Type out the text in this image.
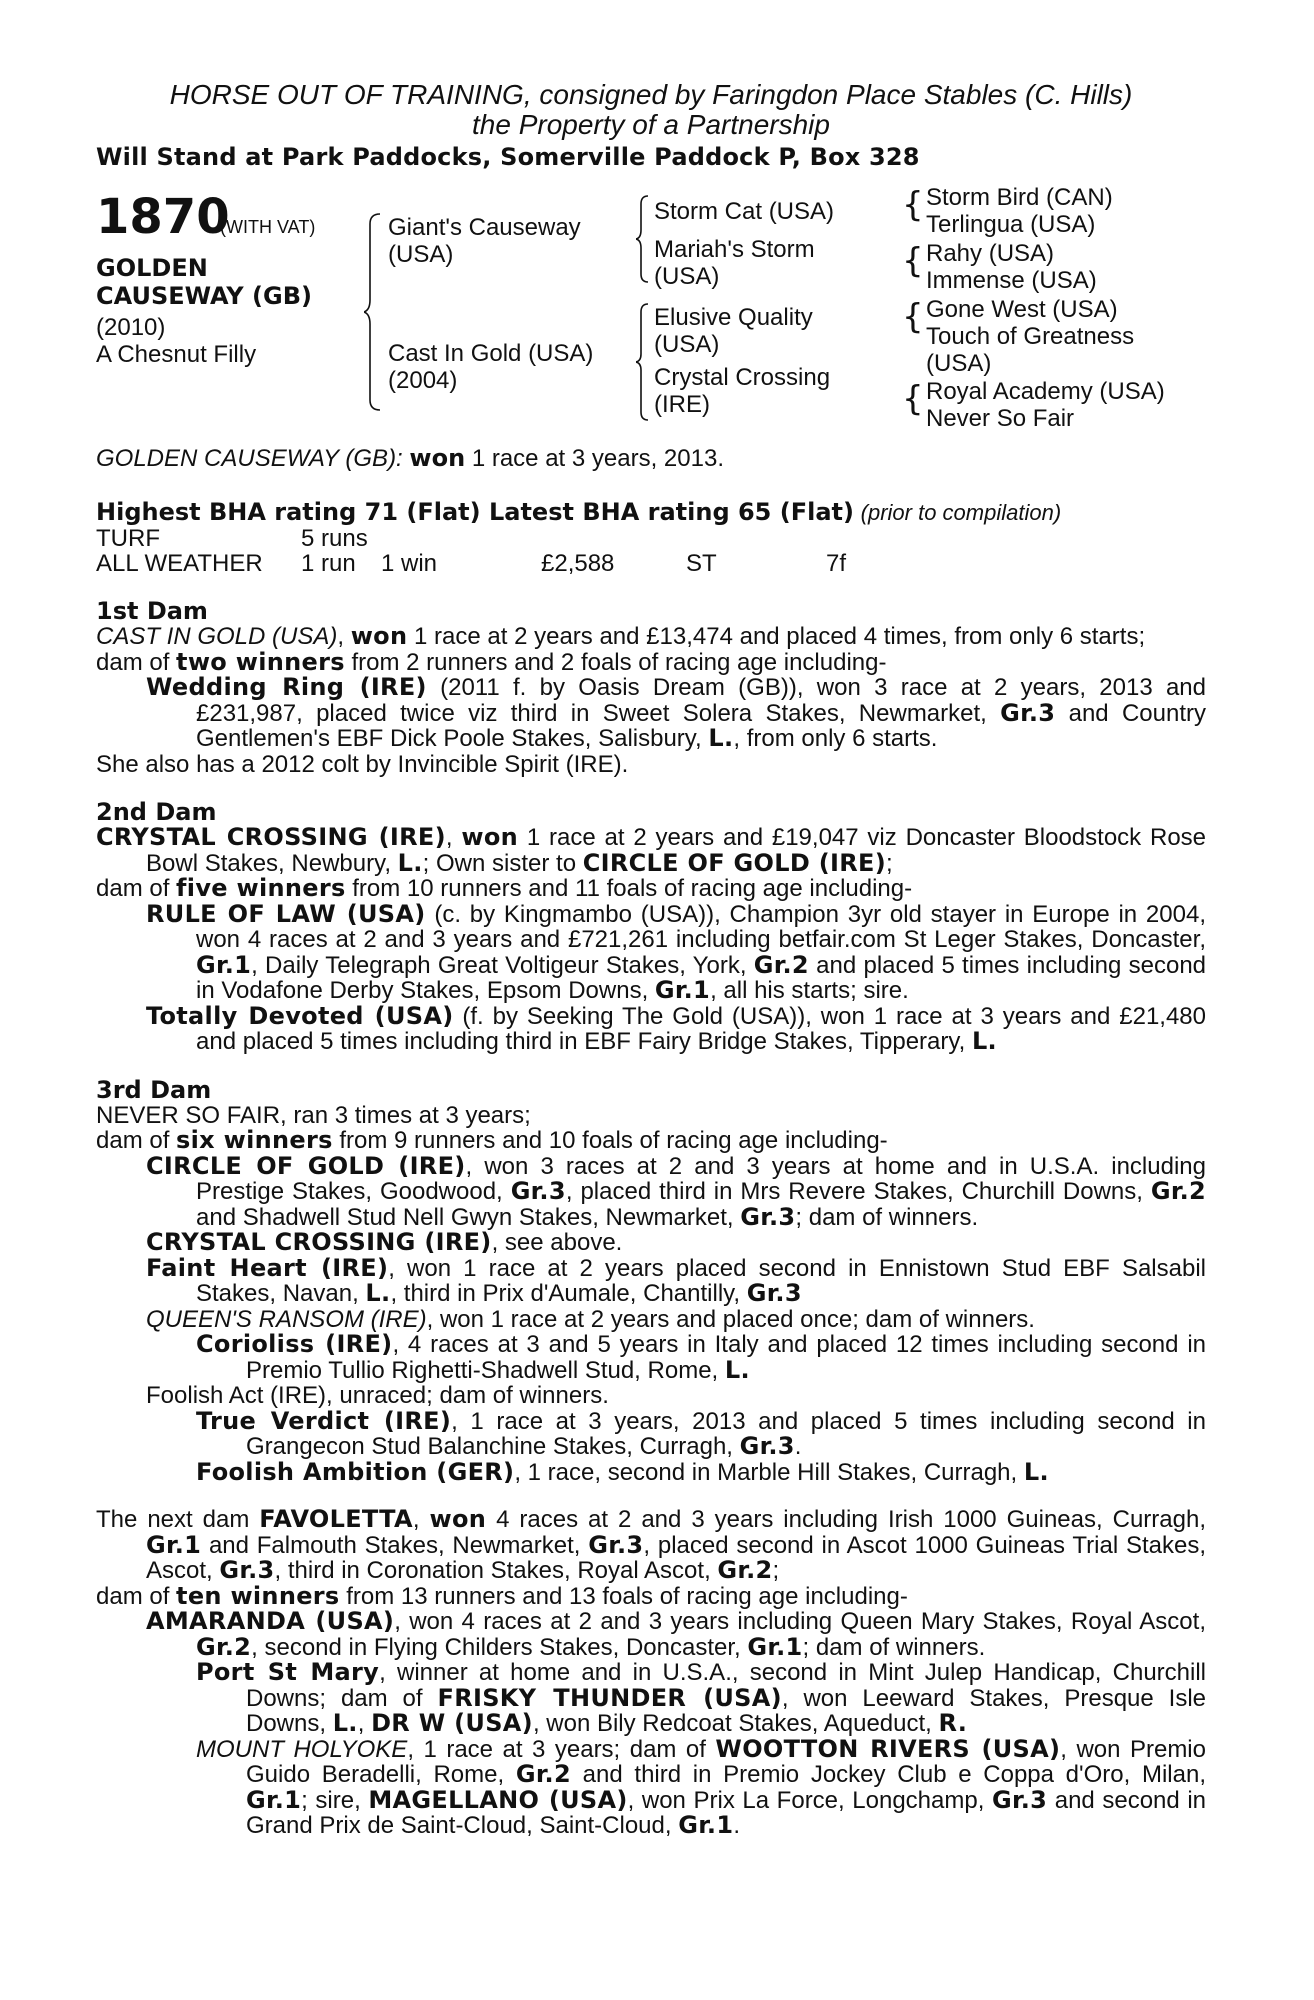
HORSE OUT OF TRAINING, consigned by Faringdon Place Stables (C. Hills)
the Property of a Partnership
Will Stand at Park Paddocks, Somerville Paddock P, Box 328
1870
(WITH VAT)
GOLDEN
CAUSEWAY (GB)
(2010)
A Chesnut Filly
Giant's Causeway
(USA)
Cast In Gold (USA)
(2004)
Storm Cat (USA)
Mariah's Storm
(USA)
Elusive Quality
(USA)
Crystal Crossing
(IRE)
{ Storm Bird (CAN)
Terlingua (USA)
{ Rahy (USA)
Immense (USA)
{ Gone West (USA)
Touch of Greatness
(USA)
{ Royal Academy (USA)
Never So Fair

GOLDEN CAUSEWAY (GB): won 1 race at 3 years, 2013.

Highest BHA rating 71 (Flat) Latest BHA rating 65 (Flat) (prior to compilation)
TURF	5 runs				
ALL WEATHER	1 run	1 win	£2,588	ST	7f
1st Dam

CAST IN GOLD (USA), won 1 race at 2 years and £13,474 and placed 4 times, from only 6 starts;

dam of two winners from 2 runners and 2 foals of racing age including-

Wedding Ring (IRE) (2011 f. by Oasis Dream (GB)), won 3 race at 2 years, 2013 and £231,987, placed twice viz third in Sweet Solera Stakes, Newmarket, Gr.3 and Country Gentlemen's EBF Dick Poole Stakes, Salisbury, L., from only 6 starts.

She also has a 2012 colt by Invincible Spirit (IRE).

2nd Dam

CRYSTAL CROSSING (IRE), won 1 race at 2 years and £19,047 viz Doncaster Bloodstock Rose Bowl Stakes, Newbury, L.; Own sister to CIRCLE OF GOLD (IRE);

dam of five winners from 10 runners and 11 foals of racing age including-

RULE OF LAW (USA) (c. by Kingmambo (USA)), Champion 3yr old stayer in Europe in 2004, won 4 races at 2 and 3 years and £721,261 including betfair.com St Leger Stakes, Doncaster, Gr.1, Daily Telegraph Great Voltigeur Stakes, York, Gr.2 and placed 5 times including second in Vodafone Derby Stakes, Epsom Downs, Gr.1, all his starts; sire.

Totally Devoted (USA) (f. by Seeking The Gold (USA)), won 1 race at 3 years and £21,480 and placed 5 times including third in EBF Fairy Bridge Stakes, Tipperary, L.

3rd Dam

NEVER SO FAIR, ran 3 times at 3 years;

dam of six winners from 9 runners and 10 foals of racing age including-

CIRCLE OF GOLD (IRE), won 3 races at 2 and 3 years at home and in U.S.A. including Prestige Stakes, Goodwood, Gr.3, placed third in Mrs Revere Stakes, Churchill Downs, Gr.2 and Shadwell Stud Nell Gwyn Stakes, Newmarket, Gr.3; dam of winners.

CRYSTAL CROSSING (IRE), see above.

Faint Heart (IRE), won 1 race at 2 years placed second in Ennistown Stud EBF Salsabil Stakes, Navan, L., third in Prix d'Aumale, Chantilly, Gr.3

QUEEN'S RANSOM (IRE), won 1 race at 2 years and placed once; dam of winners.

Corioliss (IRE), 4 races at 3 and 5 years in Italy and placed 12 times including second in Premio Tullio Righetti-Shadwell Stud, Rome, L.

Foolish Act (IRE), unraced; dam of winners.

True Verdict (IRE), 1 race at 3 years, 2013 and placed 5 times including second in Grangecon Stud Balanchine Stakes, Curragh, Gr.3.

Foolish Ambition (GER), 1 race, second in Marble Hill Stakes, Curragh, L.

The next dam FAVOLETTA, won 4 races at 2 and 3 years including Irish 1000 Guineas, Curragh, Gr.1 and Falmouth Stakes, Newmarket, Gr.3, placed second in Ascot 1000 Guineas Trial Stakes, Ascot, Gr.3, third in Coronation Stakes, Royal Ascot, Gr.2;

dam of ten winners from 13 runners and 13 foals of racing age including-

AMARANDA (USA), won 4 races at 2 and 3 years including Queen Mary Stakes, Royal Ascot, Gr.2, second in Flying Childers Stakes, Doncaster, Gr.1; dam of winners.

Port St Mary, winner at home and in U.S.A., second in Mint Julep Handicap, Churchill Downs; dam of FRISKY THUNDER (USA), won Leeward Stakes, Presque Isle Downs, L., DR W (USA), won Bily Redcoat Stakes, Aqueduct, R.

MOUNT HOLYOKE, 1 race at 3 years; dam of WOOTTON RIVERS (USA), won Premio Guido Beradelli, Rome, Gr.2 and third in Premio Jockey Club e Coppa d'Oro, Milan, Gr.1; sire, MAGELLANO (USA), won Prix La Force, Longchamp, Gr.3 and second in Grand Prix de Saint-Cloud, Saint-Cloud, Gr.1.
